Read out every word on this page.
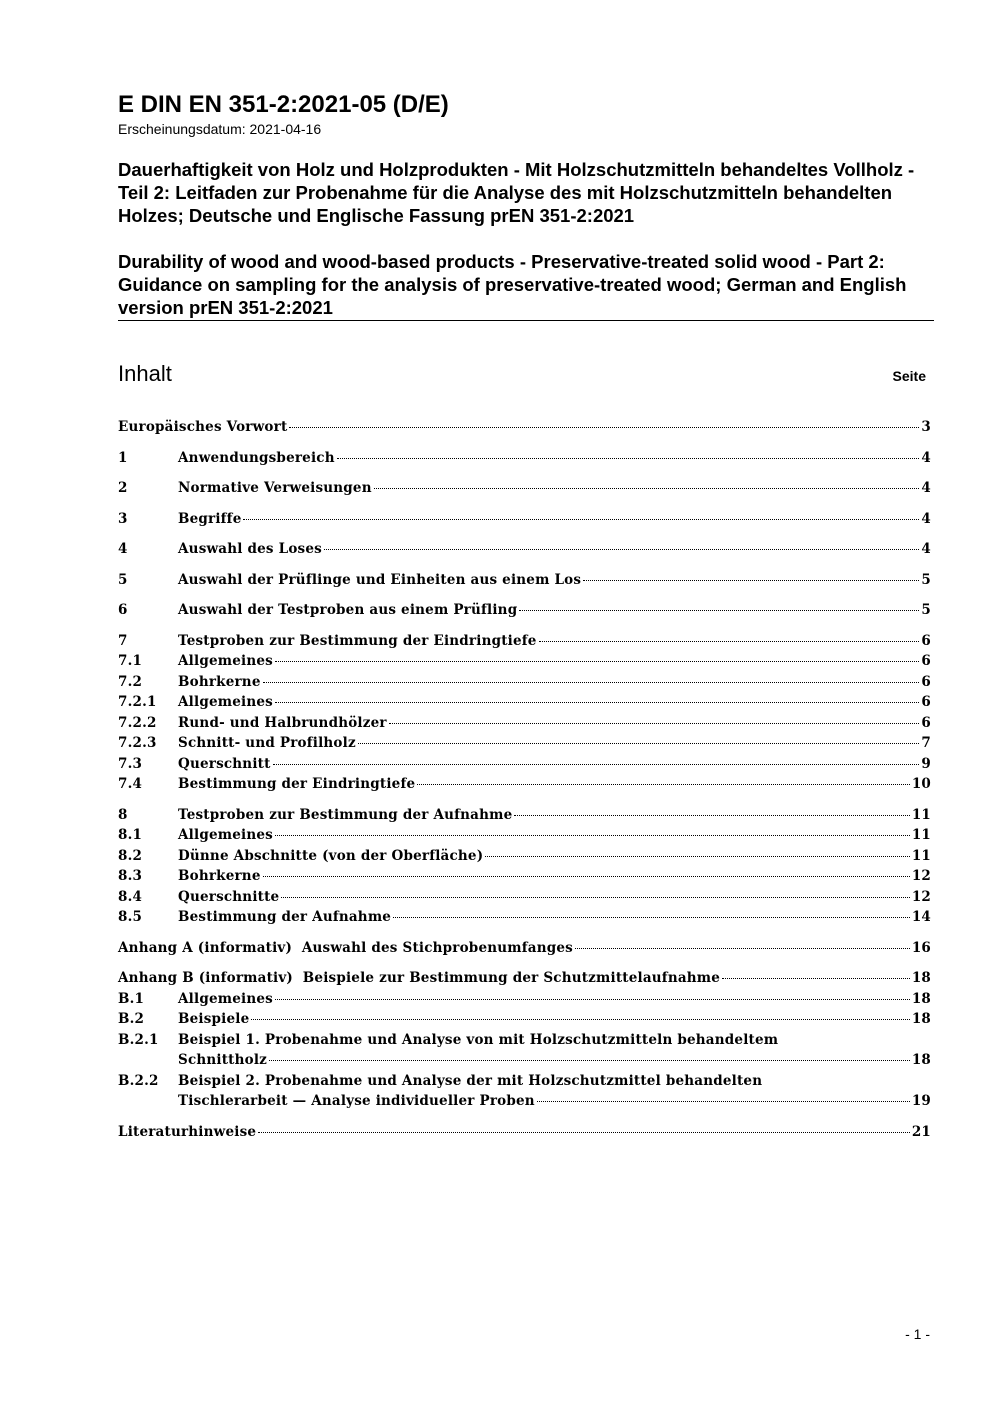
E DIN EN 351-2:2021-05 (D/E)
Erscheinungsdatum: 2021-04-16

Dauerhaftigkeit von Holz und Holzprodukten - Mit Holzschutzmitteln behandeltes Vollholz - Teil 2: Leitfaden zur Probenahme für die Analyse des mit Holzschutzmitteln behandelten Holzes; Deutsche und Englische Fassung prEN 351-2:2021

Durability of wood and wood-based products - Preservative-treated solid wood - Part 2: Guidance on sampling for the analysis of preservative-treated wood; German and English version prEN 351-2:2021

Inhalt	Seite
Europäisches Vorwort	3
1	Anwendungsbereich	4
2	Normative Verweisungen	4
3	Begriffe	4
4	Auswahl des Loses	4
5	Auswahl der Prüflinge und Einheiten aus einem Los	5
6	Auswahl der Testproben aus einem Prüfling	5
7	Testproben zur Bestimmung der Eindringtiefe	6
7.1	Allgemeines	6
7.2	Bohrkerne	6
7.2.1	Allgemeines	6
7.2.2	Rund- und Halbrundhölzer	6
7.2.3	Schnitt- und Profilholz	7
7.3	Querschnitt	9
7.4	Bestimmung der Eindringtiefe	10
8	Testproben zur Bestimmung der Aufnahme	11
8.1	Allgemeines	11
8.2	Dünne Abschnitte (von der Oberfläche)	11
8.3	Bohrkerne	12
8.4	Querschnitte	12
8.5	Bestimmung der Aufnahme	14
Anhang A (informativ)  Auswahl des Stichprobenumfanges	16
Anhang B (informativ)  Beispiele zur Bestimmung der Schutzmittelaufnahme	18
B.1	Allgemeines	18
B.2	Beispiele	18
B.2.1	Beispiel 1. Probenahme und Analyse von mit Holzschutzmitteln behandeltem
Schnittholz	18
B.2.2	Beispiel 2. Probenahme und Analyse der mit Holzschutzmittel behandelten
Tischlerarbeit — Analyse individueller Proben	19
Literaturhinweise	21
- 1 -
